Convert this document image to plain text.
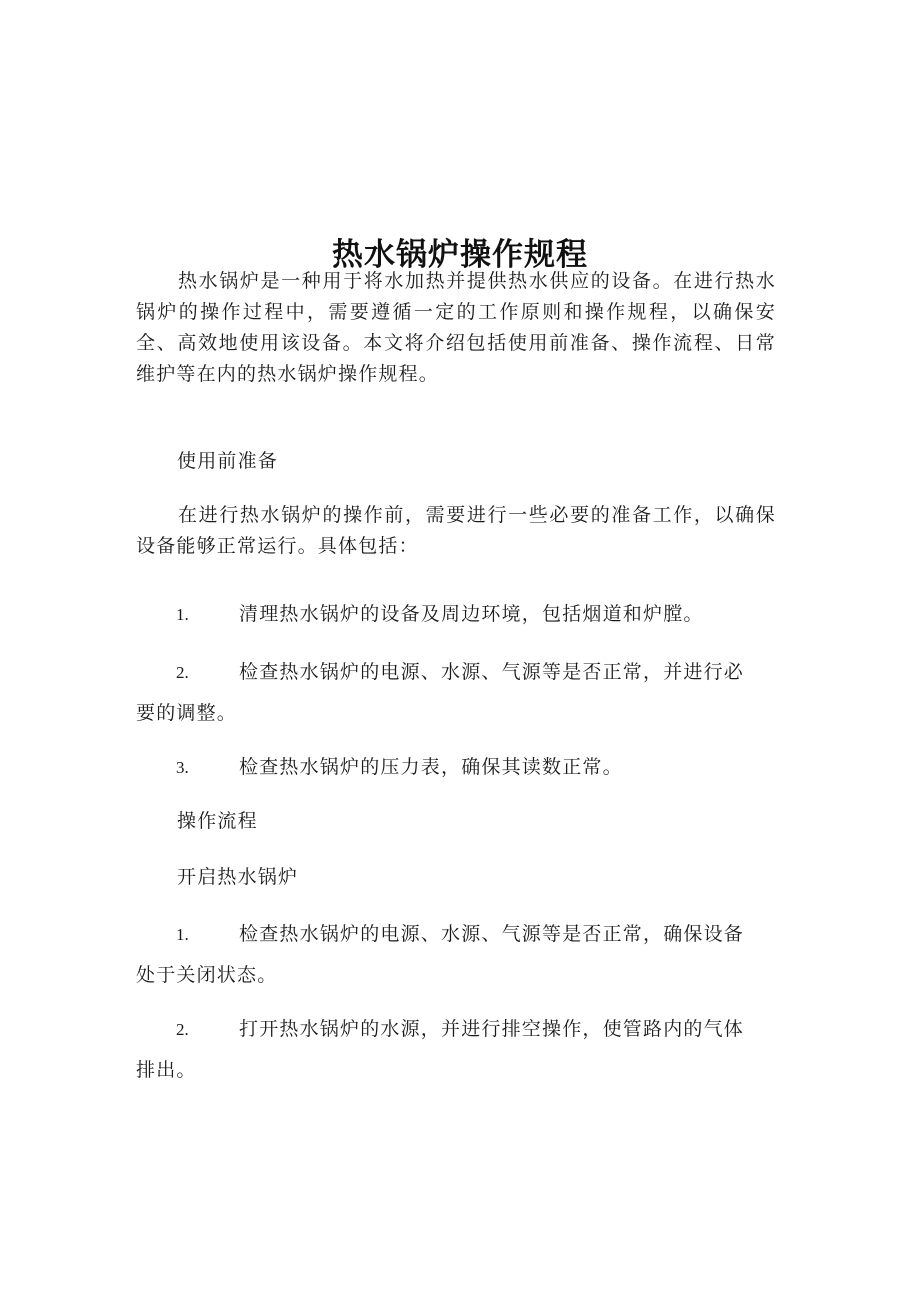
热水锅炉操作规程

热水锅炉是一种用于将水加热并提供热水供应的设备。在进行热水锅炉的操作过程中，需要遵循一定的工作原则和操作规程，以确保安全、高效地使用该设备。本文将介绍包括使用前准备、操作流程、日常维护等在内的热水锅炉操作规程。

使用前准备

在进行热水锅炉的操作前，需要进行一些必要的准备工作，以确保设备能够正常运行。具体包括：

1.	清理热水锅炉的设备及周边环境，包括烟道和炉膛。

2.	检查热水锅炉的电源、水源、气源等是否正常，并进行必要的调整。

3.	检查热水锅炉的压力表，确保其读数正常。

操作流程

开启热水锅炉

1.	检查热水锅炉的电源、水源、气源等是否正常，确保设备处于关闭状态。

2.	打开热水锅炉的水源，并进行排空操作，使管路内的气体排出。
